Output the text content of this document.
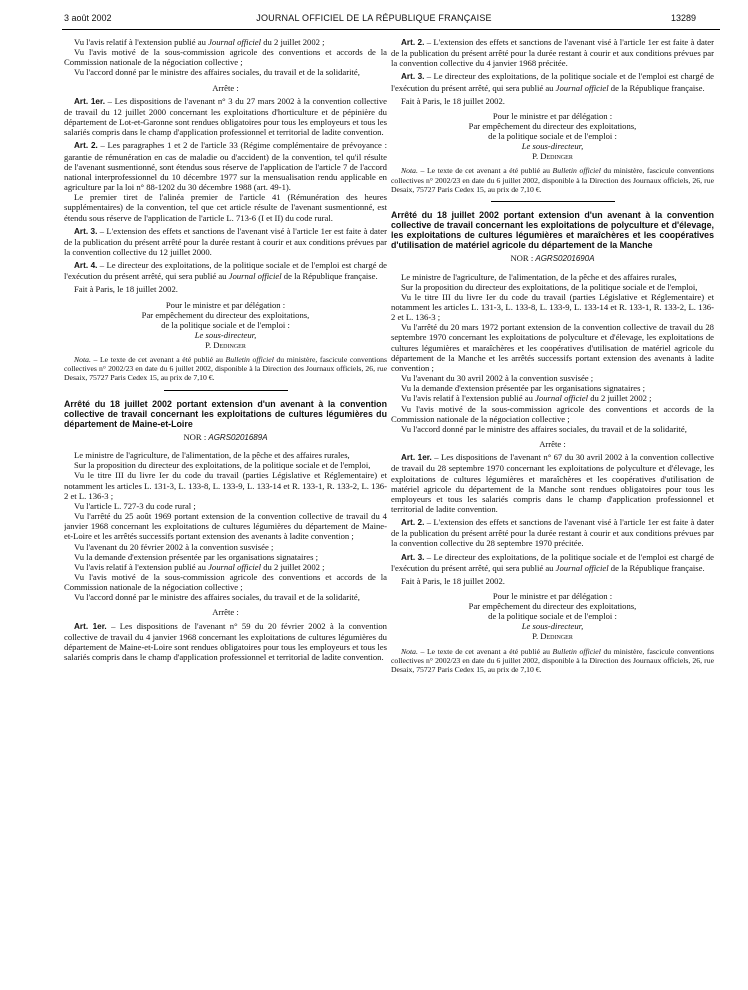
3 août 2002	JOURNAL OFFICIEL DE LA RÉPUBLIQUE FRANÇAISE	13289

Vu l'avis relatif à l'extension publié au Journal officiel du 2 juillet 2002 ;

Vu l'avis motivé de la sous-commission agricole des conventions et accords de la Commission nationale de la négociation collective ;

Vu l'accord donné par le ministre des affaires sociales, du travail et de la solidarité,

Arrête :

Art. 1er. – Les dispositions de l'avenant n° 3 du 27 mars 2002 à la convention collective de travail du 12 juillet 2000 concernant les exploitations d'horticulture et de pépinière du département de Lot-et-Garonne sont rendues obligatoires pour tous les employeurs et tous les salariés compris dans le champ d'application professionnel et territorial de ladite convention.

Art. 2. – Les paragraphes 1 et 2 de l'article 33 (Régime complémentaire de prévoyance : garantie de rémunération en cas de maladie ou d'accident) de la convention, tel qu'il résulte de l'avenant susmentionné, sont étendus sous réserve de l'application de l'article 7 de l'accord national interprofessionnel du 10 décembre 1977 sur la mensualisation rendu applicable en agriculture par la loi n° 88-1202 du 30 décembre 1988 (art. 49-1).

Le premier tiret de l'alinéa premier de l'article 41 (Rémunération des heures supplémentaires) de la convention, tel que cet article résulte de l'avenant susmentionné, est étendu sous réserve de l'application de l'article L. 713-6 (I et II) du code rural.

Art. 3. – L'extension des effets et sanctions de l'avenant visé à l'article 1er est faite à dater de la publication du présent arrêté pour la durée restant à courir et aux conditions prévues par la convention collective du 12 juillet 2000.

Art. 4. – Le directeur des exploitations, de la politique sociale et de l'emploi est chargé de l'exécution du présent arrêté, qui sera publié au Journal officiel de la République française.

Fait à Paris, le 18 juillet 2002.

Pour le ministre et par délégation :
Par empêchement du directeur des exploitations,
de la politique sociale et de l'emploi :
Le sous-directeur,
P. Dedinger

Nota. – Le texte de cet avenant a été publié au Bulletin officiel du ministère, fascicule conventions collectives n° 2002/23 en date du 6 juillet 2002, disponible à la Direction des Journaux officiels, 26, rue Desaix, 75727 Paris Cedex 15, au prix de 7,10 €.

Arrêté du 18 juillet 2002 portant extension d'un avenant à la convention collective de travail concernant les exploitations de cultures légumières du département de Maine-et-Loire

NOR : AGRS0201689A

Le ministre de l'agriculture, de l'alimentation, de la pêche et des affaires rurales,

Sur la proposition du directeur des exploitations, de la politique sociale et de l'emploi,

Vu le titre III du livre Ier du code du travail (parties Législative et Réglementaire) et notamment les articles L. 131-3, L. 133-8, L. 133-9, L. 133-14 et R. 133-1, R. 133-2, L. 136-2 et L. 136-3 ;

Vu l'article L. 727-3 du code rural ;

Vu l'arrêté du 25 août 1969 portant extension de la convention collective de travail du 4 janvier 1968 concernant les exploitations de cultures légumières du département de Maine-et-Loire et les arrêtés successifs portant extension des avenants à ladite convention ;

Vu l'avenant du 20 février 2002 à la convention susvisée ;

Vu la demande d'extension présentée par les organisations signataires ;

Vu l'avis relatif à l'extension publié au Journal officiel du 2 juillet 2002 ;

Vu l'avis motivé de la sous-commission agricole des conventions et accords de la Commission nationale de la négociation collective ;

Vu l'accord donné par le ministre des affaires sociales, du travail et de la solidarité,

Arrête :

Art. 1er. – Les dispositions de l'avenant n° 59 du 20 février 2002 à la convention collective de travail du 4 janvier 1968 concernant les exploitations de cultures légumières du département de Maine-et-Loire sont rendues obligatoires pour tous les employeurs et tous les salariés compris dans le champ d'application professionnel et territorial de ladite convention.

Art. 2. – L'extension des effets et sanctions de l'avenant visé à l'article 1er est faite à dater de la publication du présent arrêté pour la durée restant à courir et aux conditions prévues par la convention collective du 4 janvier 1968 précitée.

Art. 3. – Le directeur des exploitations, de la politique sociale et de l'emploi est chargé de l'exécution du présent arrêté, qui sera publié au Journal officiel de la République française.

Fait à Paris, le 18 juillet 2002.

Pour le ministre et par délégation :
Par empêchement du directeur des exploitations,
de la politique sociale et de l'emploi :
Le sous-directeur,
P. Dedinger

Nota. – Le texte de cet avenant a été publié au Bulletin officiel du ministère, fascicule conventions collectives n° 2002/23 en date du 6 juillet 2002, disponible à la Direction des Journaux officiels, 26, rue Desaix, 75727 Paris Cedex 15, au prix de 7,10 €.

Arrêté du 18 juillet 2002 portant extension d'un avenant à la convention collective de travail concernant les exploitations de polyculture et d'élevage, les exploitations de cultures légumières et maraîchères et les coopératives d'utilisation de matériel agricole du département de la Manche

NOR : AGRS0201690A

Le ministre de l'agriculture, de l'alimentation, de la pêche et des affaires rurales,

Sur la proposition du directeur des exploitations, de la politique sociale et de l'emploi,

Vu le titre III du livre Ier du code du travail (parties Législative et Réglementaire) et notamment les articles L. 131-3, L. 133-8, L. 133-9, L. 133-14 et R. 133-1, R. 133-2, L. 136-2 et L. 136-3 ;

Vu l'arrêté du 20 mars 1972 portant extension de la convention collective de travail du 28 septembre 1970 concernant les exploitations de polyculture et d'élevage, les exploitations de cultures légumières et maraîchères et les coopératives d'utilisation de matériel agricole du département de la Manche et les arrêtés successifs portant extension des avenants à ladite convention ;

Vu l'avenant du 30 avril 2002 à la convention susvisée ;

Vu la demande d'extension présentée par les organisations signataires ;

Vu l'avis relatif à l'extension publié au Journal officiel du 2 juillet 2002 ;

Vu l'avis motivé de la sous-commission agricole des conventions et accords de la Commission nationale de la négociation collective ;

Vu l'accord donné par le ministre des affaires sociales, du travail et de la solidarité,

Arrête :

Art. 1er. – Les dispositions de l'avenant n° 67 du 30 avril 2002 à la convention collective de travail du 28 septembre 1970 concernant les exploitations de polyculture et d'élevage, les exploitations de cultures légumières et maraîchères et les coopératives d'utilisation de matériel agricole du département de la Manche sont rendues obligatoires pour tous les employeurs et tous les salariés compris dans le champ d'application professionnel et territorial de ladite convention.

Art. 2. – L'extension des effets et sanctions de l'avenant visé à l'article 1er est faite à dater de la publication du présent arrêté pour la durée restant à courir et aux conditions prévues par la convention collective du 28 septembre 1970 précitée.

Art. 3. – Le directeur des exploitations, de la politique sociale et de l'emploi est chargé de l'exécution du présent arrêté, qui sera publié au Journal officiel de la République française.

Fait à Paris, le 18 juillet 2002.

Pour le ministre et par délégation :
Par empêchement du directeur des exploitations,
de la politique sociale et de l'emploi :
Le sous-directeur,
P. Dedinger

Nota. – Le texte de cet avenant a été publié au Bulletin officiel du ministère, fascicule conventions collectives n° 2002/23 en date du 6 juillet 2002, disponible à la Direction des Journaux officiels, 26, rue Desaix, 75727 Paris Cedex 15, au prix de 7,10 €.
